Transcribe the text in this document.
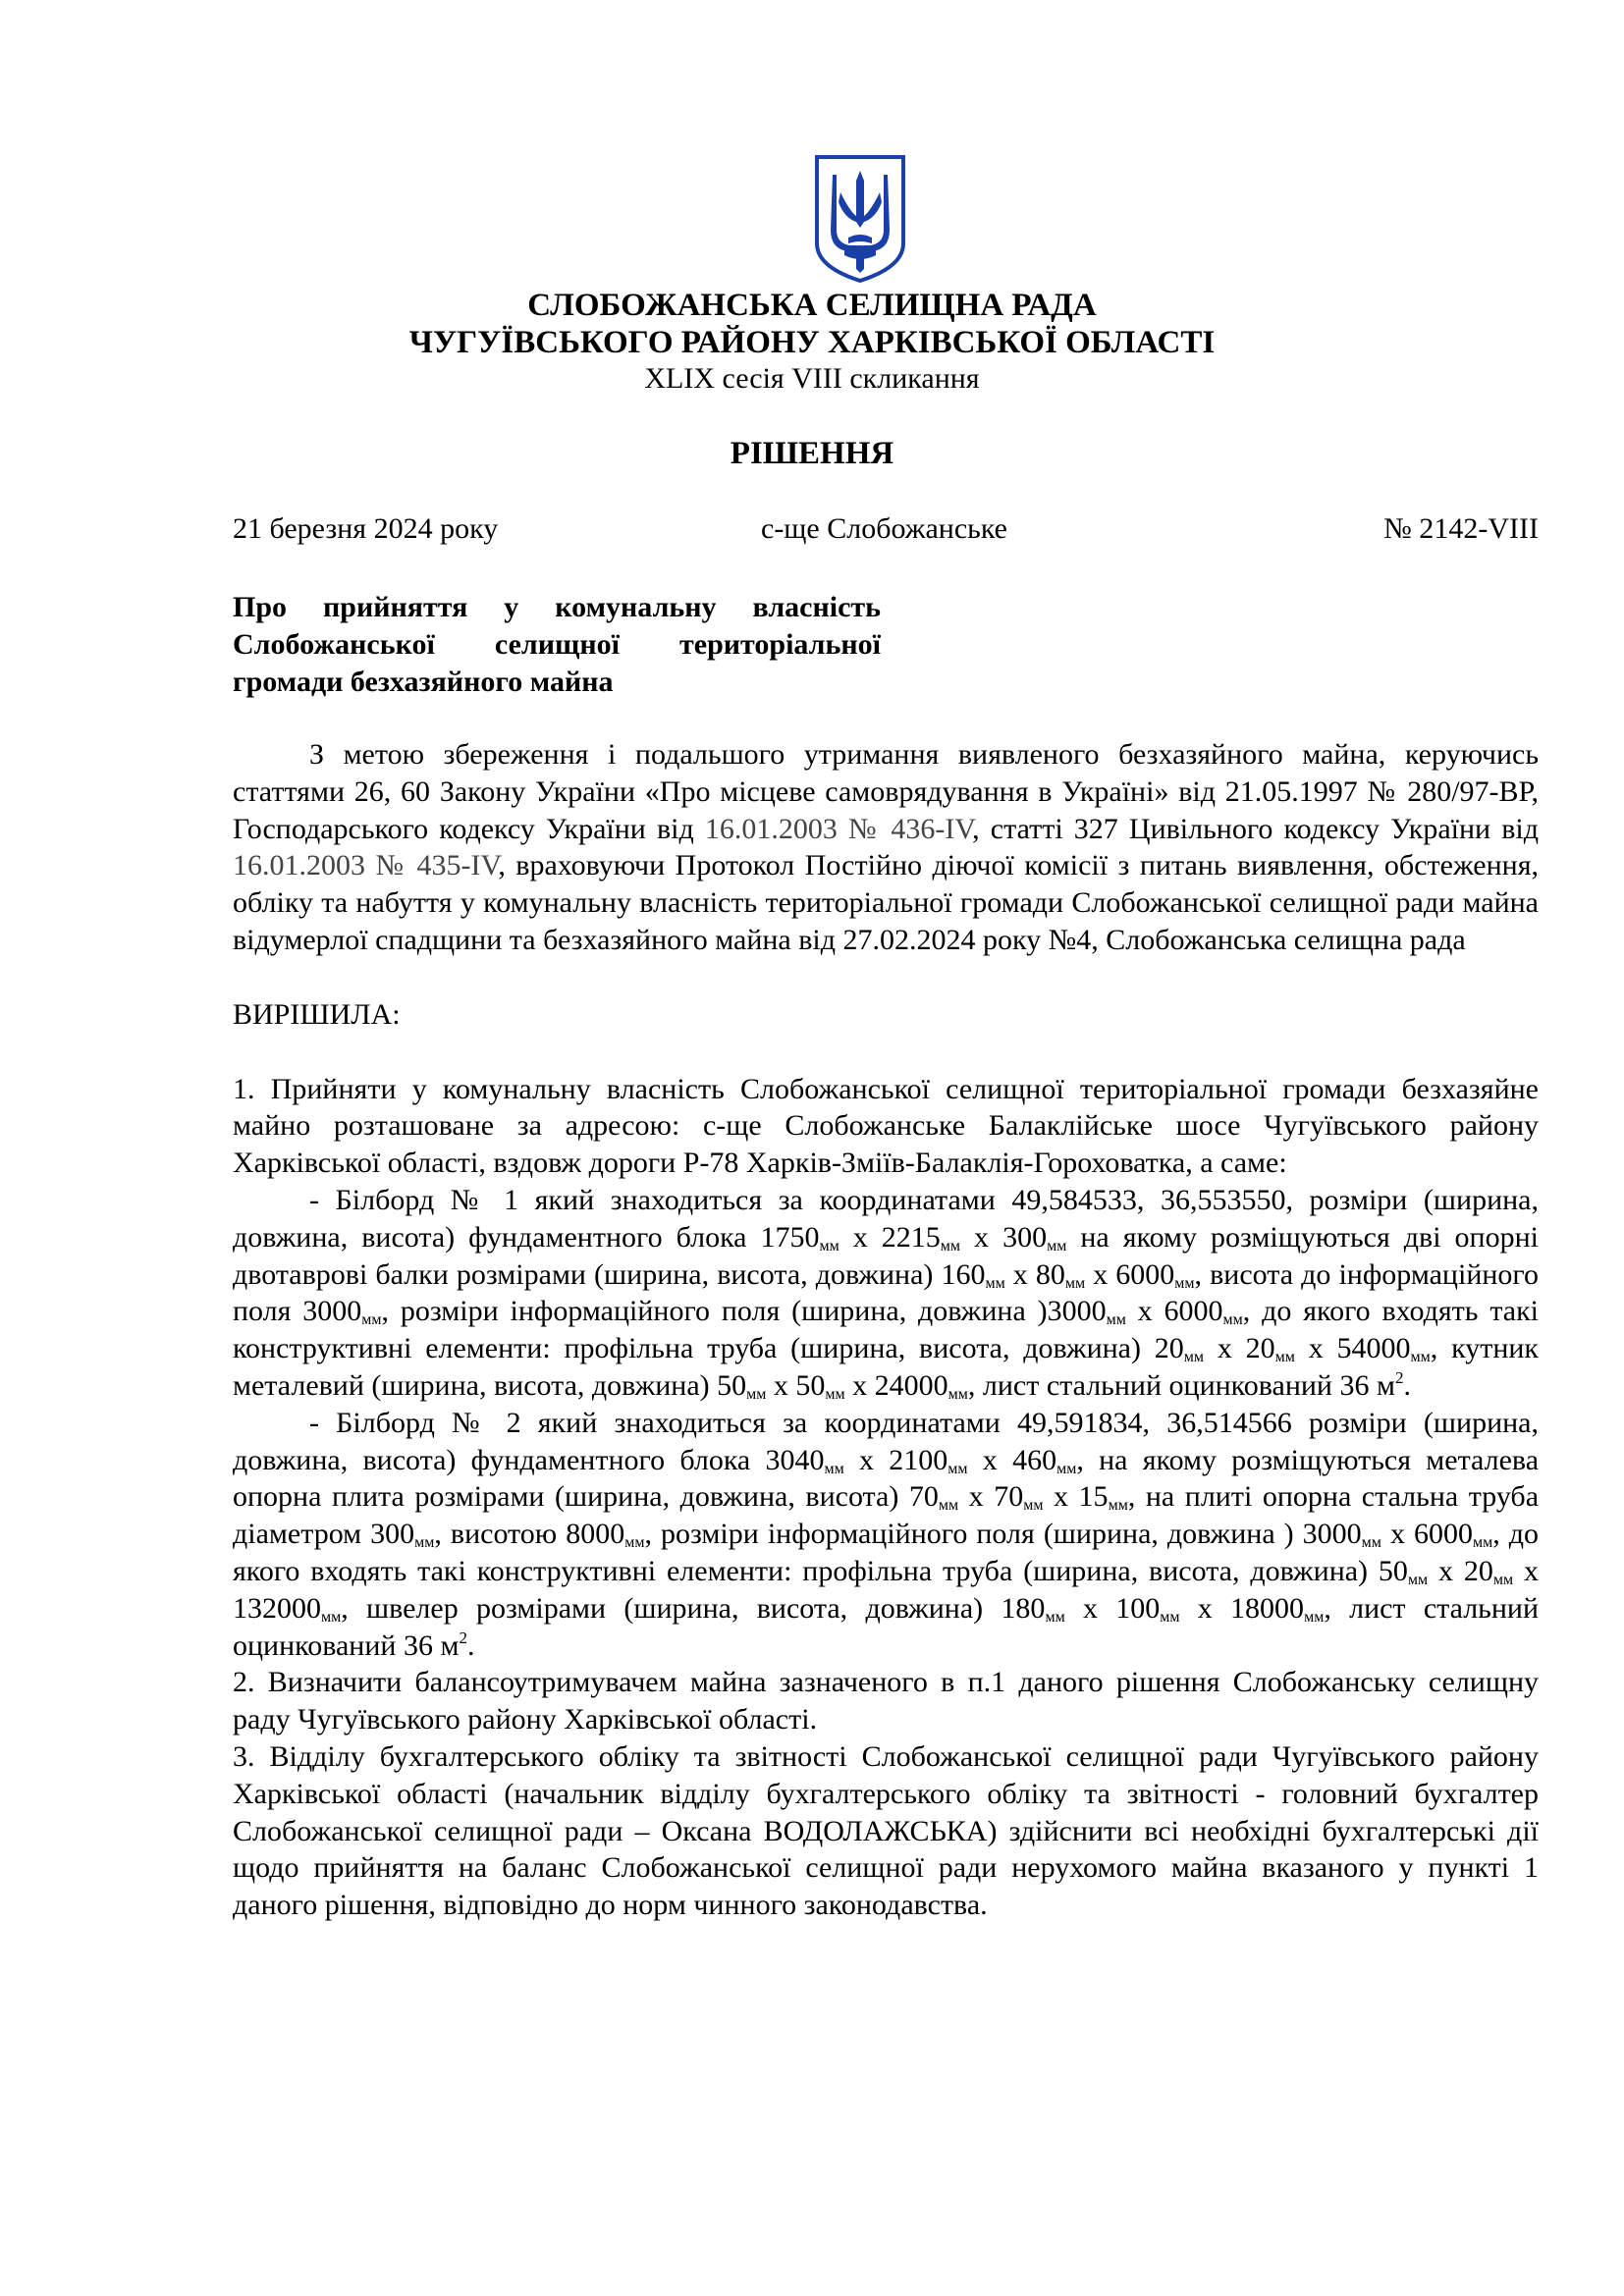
СЛОБОЖАНСЬКА СЕЛИЩНА РАДА
ЧУГУЇВСЬКОГО РАЙОНУ ХАРКІВСЬКОЇ ОБЛАСТІ
XLIX сесія VIII скликання
РІШЕННЯ
21 березня 2024 року	с-ще Слобожанське	№ 2142-VIII
Про прийняття у комунальну власність
Слобожанської селищної територіальної
громади безхазяйного майна

З метою збереження і подальшого утримання виявленого безхазяйного майна, керуючись статтями 26, 60 Закону України «Про місцеве самоврядування в Україні» від 21.05.1997 № 280/97-ВР, Господарського кодексу України від 16.01.2003 № 436-IV, статті 327 Цивільного кодексу України від 16.01.2003 № 435-IV, враховуючи Протокол Постійно діючої комісії з питань виявлення, обстеження, обліку та набуття у комунальну власність територіальної громади Слобожанської селищної ради майна відумерлої спадщини та безхазяйного майна від 27.02.2024 року №4, Слобожанська селищна рада

ВИРІШИЛА:

1. Прийняти у комунальну власність Слобожанської селищної територіальної громади безхазяйне майно розташоване за адресою: с-ще Слобожанське Балаклійське шосе Чугуївського району Харківської області, вздовж дороги Р-78 Харків-Зміїв-Балаклія-Гороховатка, а саме:

- Білборд № 1 який знаходиться за координатами 49,584533, 36,553550, розміри (ширина, довжина, висота) фундаментного блока $1750_{мм}$ х $2215_{мм}$ х $300_{мм}$ на якому розміщуються дві опорні двотаврові балки розмірами (ширина, висота, довжина) $160_{мм}$ х $80_{мм}$ х $6000_{мм}$, висота до інформаційного поля $3000_{мм}$, розміри інформаційного поля (ширина, довжина )$3000_{мм}$ х $6000_{мм}$, до якого входять такі конструктивні елементи: профільна труба (ширина, висота, довжина) $20_{мм}$ х $20_{мм}$ х $54000_{мм}$, кутник металевий (ширина, висота, довжина) $50_{мм}$ х $50_{мм}$ х $24000_{мм}$, лист стальний оцинкований 36 $м^2$.

- Білборд № 2 який знаходиться за координатами 49,591834, 36,514566 розміри (ширина, довжина, висота) фундаментного блока $3040_{мм}$ х $2100_{мм}$ х $460_{мм}$, на якому розміщуються металева опорна плита розмірами (ширина, довжина, висота) $70_{мм}$ х $70_{мм}$ х $15_{мм}$, на плиті опорна стальна труба діаметром $300_{мм}$, висотою $8000_{мм}$, розміри інформаційного поля (ширина, довжина ) $3000_{мм}$ х $6000_{мм}$, до якого входять такі конструктивні елементи: профільна труба (ширина, висота, довжина) $50_{мм}$ х $20_{мм}$ х $132000_{мм}$, швелер розмірами (ширина, висота, довжина) $180_{мм}$ х $100_{мм}$ х $18000_{мм}$, лист стальний оцинкований 36 $м^2$.

2. Визначити балансоутримувачем майна зазначеного в п.1 даного рішення Слобожанську селищну раду Чугуївського району Харківської області.

3. Відділу бухгалтерського обліку та звітності Слобожанської селищної ради Чугуївського району Харківської області (начальник відділу бухгалтерського обліку та звітності - головний бухгалтер Слобожанської селищної ради – Оксана ВОДОЛАЖСЬКА) здійснити всі необхідні бухгалтерські дії щодо прийняття на баланс Слобожанської селищної ради нерухомого майна вказаного у пункті 1 даного рішення, відповідно до норм чинного законодавства.
